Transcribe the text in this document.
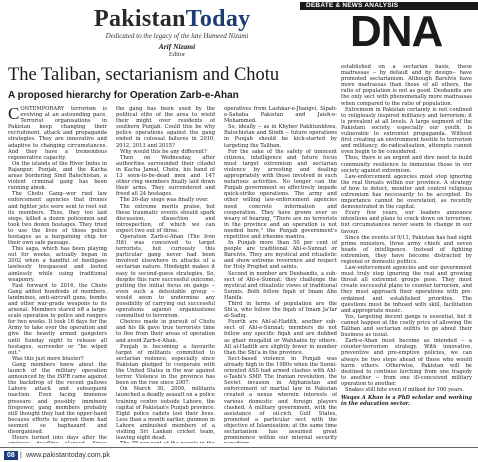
PakistanToday
Dedicated to the legacy of the late Hameed Nizami
Arif Nizami
Editor
DEBATE & NEWS ANALYSIS
DNA
The Taliban, sectarianism and Chotu
A proposed hierarchy for Operation Zarb-e-Ahan

CONTEMPORARY terrorism is evolving at an astounding pace. Terrorist organisations in Pakistan keep changing their recruitment, attack and propaganda strategies. They are innovative and adaptive to changing circumstances. And they have a tremendous regenerative capacity.

On the islands of the River Indus in Rajanpur, Punjab, and the Kacha areas bordering Sind Balochistan, a violent criminal gang has been running amok.

The Chotu Gang--wor ried law enforcement agencies that drones and fighter jets were sent to root out its members. Thus, they too laid siege, killed a dozen policemen and took two dozen hostages. They tried to use the lives of those police hostages as a bargaining chip for their own safe passage.

This saga, which has been playing out for weeks, actually began in 2002 when a handful of hooligans lawlessly trespassed and looted aimlessly while using traditional weaponry.

Fast forward to 2016, the Chotu Gang added hundreds of members, landmines, anti-aircraft guns, bombs and other war-grade weapons to its arsenal. Members stared off a large-scale operation to police and rangers for two weeks. It took 16 days for the Army to take over the operation and give the heavily armed gangsters until Sunday night to release all hostages, surrender or "be wiped out."

Was this just mere bluster?

Gang members knew about the launch of the military operation announced by the ISPR came against the backdrop of the recent gallows Lahore attack and subsequent inaction. Even facing immense pressure and possibly imminent firepower, gang members probably still thought they had the upper-hand because efforts to uproot them had seemed so haphazard and disorganised.

Hours turned into days after the

the gang has been used by the political elite of the area to wield their might over residents of southern Punjab. Could this be why police operations against the gang ended in colossal failures in 2010, 2012, 2013 and 2015?

Why would this be any different?

Then on Wednesday, after authorities surrounded their citadel in Kacha Jamal, Chotu, his band of 13 soon-to-be-dead men and 147 other ring members finally laid down their arms. They surrendered and freed all 24 hostages.

The 20-day siege was finally over.

The extreme merits praise, but these traumatic events should spark discussion, dissection and introspection, of which we can expect two out of three.

Operation Zarb-e-Ahan (The Iron Hit) was conceived to target terrorists, but curiously this particular gang never had been involved elsewhere in attacks of a sectarian nature. Hindsight makes it easy to second-guess strategies. So, despite this rare successful outcome, putting the initial focus on gangs -- even such a detestable group -- would seem to undermine any possibility of carrying out successful operations against organisations committed to terrorism.

Choices made in pursuit of Chotu and his ilk gave true terrorists time to flee from their areas of operation and avoid Zarb-e-Ahan.

Punjab is becoming a favourite target of militants committed to sectarian violence, especially since Pakistan pledged to cooperate with the United States in the war against terror. Violence in the province has been on the rise since 2007.

On March 30, 2009, militants launched a deadly assault on a police training centre outside Lahore, the capital of Pakistan's Punjab province. Eight police cadets lost their lives. Less than a month earlier, gunmen in Lahore ambushed members of a visiting Sri Lankan cricket team, leaving eight dead.

operatives from Lashkar-e-Jhangvi, Sipah-e-Sahaba Pakistan and Jaish-e-Mohammed.

So, ideally -- as in Khyber Pakhtunkhwa, Balochistan and Sindh -- future operations in Punjab should be kick-started by targeting the Taliban.

For the sake of the safety of innocent citizens, intelligence and future focus must target extremism and sectarian violence by arresting and dealing appropriately with those involved in such nefarious activities. No longer can the Punjab government so effectively impede quick-strike operations. The army and other willing law-enforcement agencies need concrete information and cooperation. They have grown ever so weary of hearing, "There are no terrorists in the province and an operation is not needed here," the Punjab government's repetitive and irksome mantra.

In Punjab more than 50 per cent of people are traditional Ahl-e-Sunnat or Barelvis. They are mystical and ritualistic and show extreme reverence and respect for Holy Prophet and saints.

Second in number are Deobandis, a sub-sect of Ahl-e-Sunnat; they challenge the mystical and ritualistic views of traditional Sunnis. Both follow fiqah of Imam Abu Hanifa.

Third in terms of population are the Shi'a, who follow the fiqah of Imam Ja'far al-Sadiq.

Fourth are Ahl-al-Hadith, another sub-sect of Ahl-e-Sunnat; members do not follow any specific fiqah and are dubbed as ghair muqallid or Wahhabis by others. All al-Hadith are slightly fewer in number than the Shi'a in the province.

Sect-based violence in Punjab was already high in the 1980s when the Sunni-oriented ASS had armed clashes with Ahl-e-Tashi's SMP. The Iranian revolution, the Soviet invasion in Afghanistan and enforcement of martial law in Pakistan created a nexus wherein interests of various domestic and foreign players clashed. A military government, with the assistance of oil-rich Gulf States, promoted a particular sect with the objective of Islamisation; at the same time sectarianism has assumed great prominence within our internal security

established on a sectarian basis, these madrassas -- by default and by design-- have promoted sectarianism. Although Barelvis have more madrassas than those of all others, the ratio of population is not as good. Deobandis are the only sect with phenomenally more madrassas when compared to the ratio of population.

Extremism in Pakistan certainly is not confined to religiously inspired militancy and terrorism; it is prevalent at all levels. A large segment of the Pakistani society, especially our youth, is vulnerable to extremist propaganda. Without first creating an environment hostile to terrorism and militancy, de-radicalisation, attempts cannot even begin to be considered.

Thus, there is an urgent and dire need to build community resilience to immunise those in our society against extremism.

Law-enforcement agencies must stop ignoring the real threats within our province. A strategy of how to detect, monitor and control religious extremism has necessarily to be accepted. Its importance cannot be overstated, as recently demonstrated in the capital.

Every few years, our leaders announce intentions and plans to crack down on terrorism, but circumstances never seem to change in our favour.

Since the events of 9/11, Pakistan has had eight prime ministers, three army chiefs and seven heads of intelligence. Instead of fighting extremism, they have become distracted by regional or domestic politics.

Law-enforcement agencies and our government must truly stop ignoring the real and growing threat all extremist groups pose. They must create successful plans to counter terrorism, and they must approach their operations with pre-ordained and established priorities. The questions must be infused with skill, facilitation and appropriate music.

Yes, targeting decent gangs is essential, but it cannot happen at the costly price of allowing the Taliban and sectarian outfits to go about their business as usual.

Zarb-e-Ahan must become as intended -- a counter-terrorism strategy. With innovative, preventive and pre-emptive policies, we can always be two steps ahead of those who would harm others. Otherwise, Pakistan will be destined to continue lurching from one tragedy to another -- from one ill-conceived military operation to another.

Snakes still bite even if milked for 100 years.

Waqas A Khan is a PhD scholar and working in the education sector.

08 | www.pakistantoday.com.pk
